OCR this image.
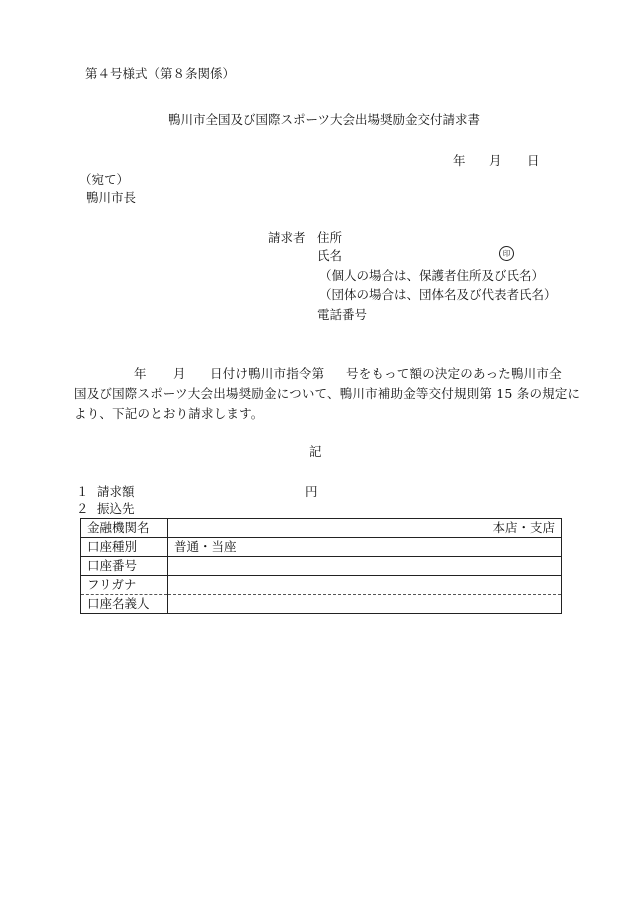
第４号様式（第８条関係）
鴨川市全国及び国際スポーツ大会出場奨励金交付請求書
年 月 日
（宛て）
鴨川市長
請求者 住所
氏名	印
（個人の場合は、保護者住所及び氏名）
（団体の場合は、団体名及び代表者氏名）
電話番号
年 月 日付け鴨川市指令第 号をもって額の決定のあった鴨川市全
国及び国際スポーツ大会出場奨励金について、鴨川市補助金等交付規則第 15 条の規定に
より、下記のとおり請求します。
記
１ 請求額	円
２ 振込先
金融機関名	本店・支店
口座種別	普通・当座
口座番号	
フリガナ	
口座名義人	
